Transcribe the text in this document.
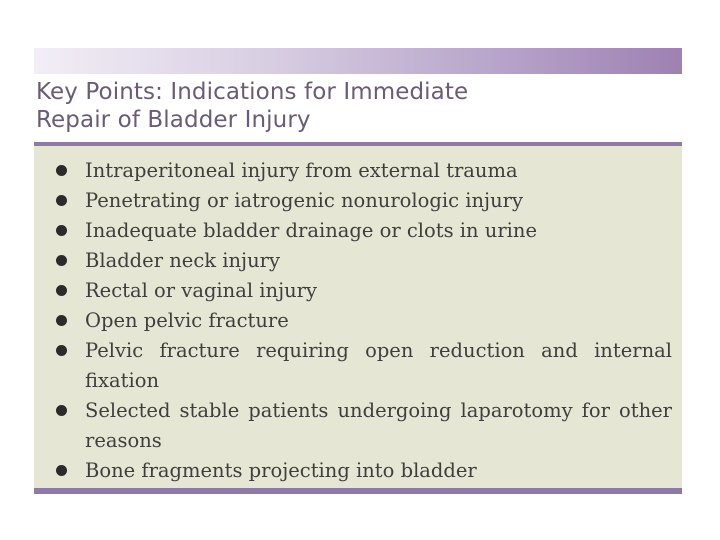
Key Points: Indications for Immediate
Repair of Bladder Injury
Intraperitoneal injury from external trauma
Penetrating or iatrogenic nonurologic injury
Inadequate bladder drainage or clots in urine
Bladder neck injury
Rectal or vaginal injury
Open pelvic fracture
Pelvic fracture requiring open reduction and internal fixation
Selected stable patients undergoing laparotomy for other reasons
Bone fragments projecting into bladder
